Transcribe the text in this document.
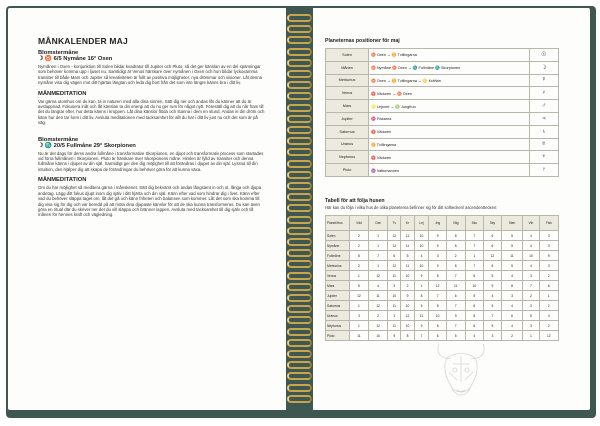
MÅNKALENDER MAJ
Blomstermåne
☽ ♉ 6/5 Nymåne 16° Oxen

Nymånen i Oxen - konjunktion till Solen bildar kvadratur till Jupiter och Pluto, så det ger känslan av en del spänningar som behöver komma upp i ljuset nu. Samtidigt är Venus härskare över nymånen i Oxen och hon bildar lyckosamma transiter till både Mars och Jupiter så kreativiteten är fullt av positiva möjligheter, nya drömmar och visioner. Låt denna nymåne visa dig vägen mot ditt hjärtas längtan och leda dig bort från det som inte längre känns bra i ditt liv.

MÅNMEDITATION

Var gärna utomhus om du kan, ta in naturen med alla dina sinnen. Sätt dig ner och andas lifs du känner att du är avslappnad. Fokusera inåt och låt känslan ta din energi att du nu ger rum för något nytt. Föreställ dig att du når fram till det du längtar efter, hur detta känns i kroppen. Låt dina känslor flöda och stanna i dem en stund. Andas in din dröm och känn hur den tar form i ditt liv. Avsluta meditationen med tacksamhet för allt du har i ditt liv just nu och det som är på väg.

Blomstermåne
☽ ♏ 20/5 Fullmåne 29° Skorpionen

Nu är det dags för dems andra fullmåne i transformative Skorpionen, en djupt och transformativ process som startades vid förra fullmånen i Skorpionen. Pluto är härskare över Skorpionens måne. Himlen är fylld av transiter och denna fullmåne känns i djupet av din själ. Samtidigt ger den dig möjlighet till att förändras i djupet av din själ. Lyssna till din intuition, den hjälper dig att skapa de förändringar du behöver göra för att kunna växa.

MÅNMEDITATION

Om du har möjlighet så meditera gärna i månskenet. Sätt dig bekvämt och andas långsamt in och ut, långa och djupa andetag. Lägg ditt fokus djupt inom dig själv i ditt hjärta och din själ. Känn efter vad som hindrar dig i livet. Känn efter vad du behöver släppa taget om, låt det gå och känn friheten och balansen som kommer. Låt det som ska komma till dig visa sig för dig och var beredd på att möta dina djupaste känslor för att de ska kunna transformeras. Du kan även göra en ritual där du skriver ner det du vill släppa och bränner lappen. Avsluta med tacksamhet till dig själv och till månen för hennes kraft och vägledning.

Planeternas positioner för maj
Solen	♉ Oxen → ♊ Tvillingarna	☉
Månen	♉ Nymåne ♉ Oxen → ♏ Fullmåne ♏ Skorpionen	☽
Merkurius	♉ Oxen → ♊ Tvillingarna → ♋ Kräftan	☿
Venus	♈ Väduren → ♉ Oxen	♀
Mars	♌ Lejonet → ♍ Jungfrun	♂
Jupiter	♓ Fiskarna	♃
Saturnus	♈ Väduren	♄
Uranus	♊ Tvillingarna	♅
Neptunus	♈ Väduren	♆
Pluto	♒ Vattumannen	♇
Tabell för att följa husen
Här kan du följa i vilka hus de olika planeterna befinner sig för ditt solhecken/ ascendenttecken:
Planet/Hus	Väd	Oxe	Tv	Kr	Lej	Jng	Våg	Sko	Sky	Sten	Vtn	Fisk
Solen	2	1	12	11	10	9	8	7	6	5	4	3
Nymåne	2	1	12	11	10	9	8	7	6	5	4	3
Fullmåne	8	7	6	5	4	3	2	1	12	11	10	9
Merkurius	2	1	12	11	10	9	8	7	6	5	4	3
Venus	1	12	11	10	9	8	7	6	5	4	3	2
Mars	5	4	3	2	1	12	11	10	9	8	7	6
Jupiter	12	11	10	9	8	7	6	5	4	3	2	1
Saturnus	1	12	11	10	9	8	7	6	5	4	3	2
Uranus	3	2	1	12	11	10	9	8	7	6	5	4
Neptunus	1	12	11	10	9	8	7	6	5	4	3	2
Pluto	11	10	9	8	7	6	5	4	3	2	1	12
